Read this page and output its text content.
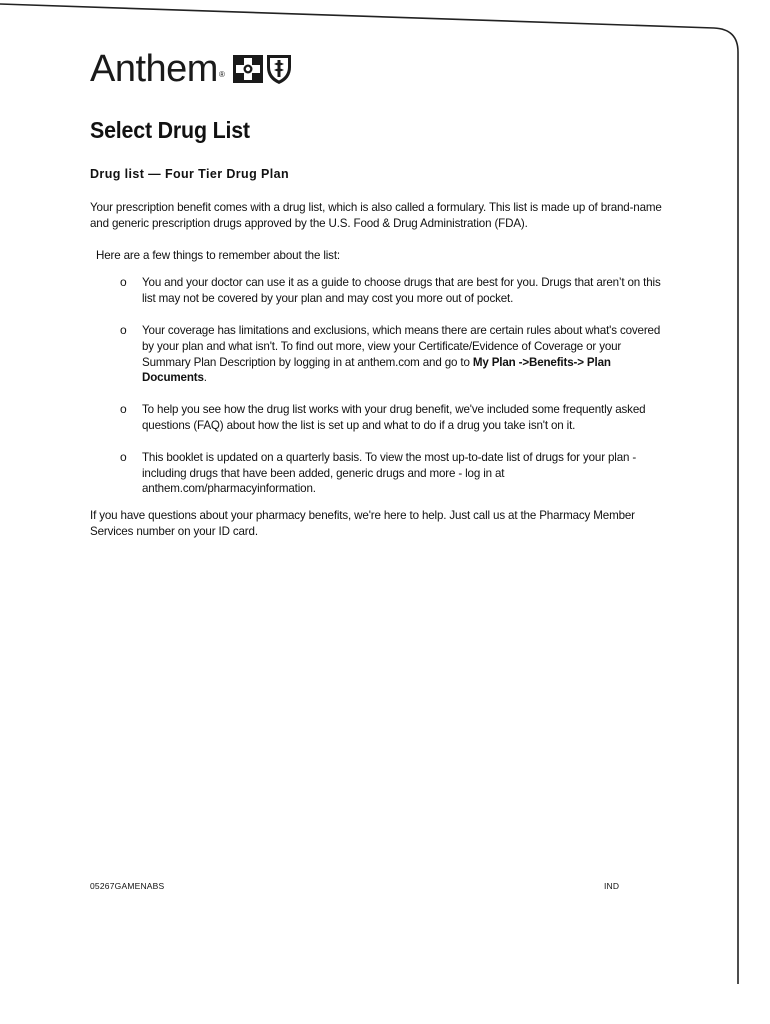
Anthem ®
Select Drug List
Drug list — Four Tier Drug Plan

Your prescription benefit comes with a drug list, which is also called a formulary. This list is made up of brand-name and generic prescription drugs approved by the U.S. Food & Drug Administration (FDA).

Here are a few things to remember about the list:

o You and your doctor can use it as a guide to choose drugs that are best for you. Drugs that aren’t on this list may not be covered by your plan and may cost you more out of pocket.
o Your coverage has limitations and exclusions, which means there are certain rules about what's covered by your plan and what isn't. To find out more, view your Certificate/Evidence of Coverage or your Summary Plan Description by logging in at anthem.com and go to My Plan ->Benefits-> Plan Documents.
o To help you see how the drug list works with your drug benefit, we've included some frequently asked questions (FAQ) about how the list is set up and what to do if a drug you take isn't on it.
o This booklet is updated on a quarterly basis. To view the most up-to-date list of drugs for your plan - including drugs that have been added, generic drugs and more - log in at anthem.com/pharmacyinformation.

If you have questions about your pharmacy benefits, we're here to help. Just call us at the Pharmacy Member Services number on your ID card.

05267GAMENABS	IND
